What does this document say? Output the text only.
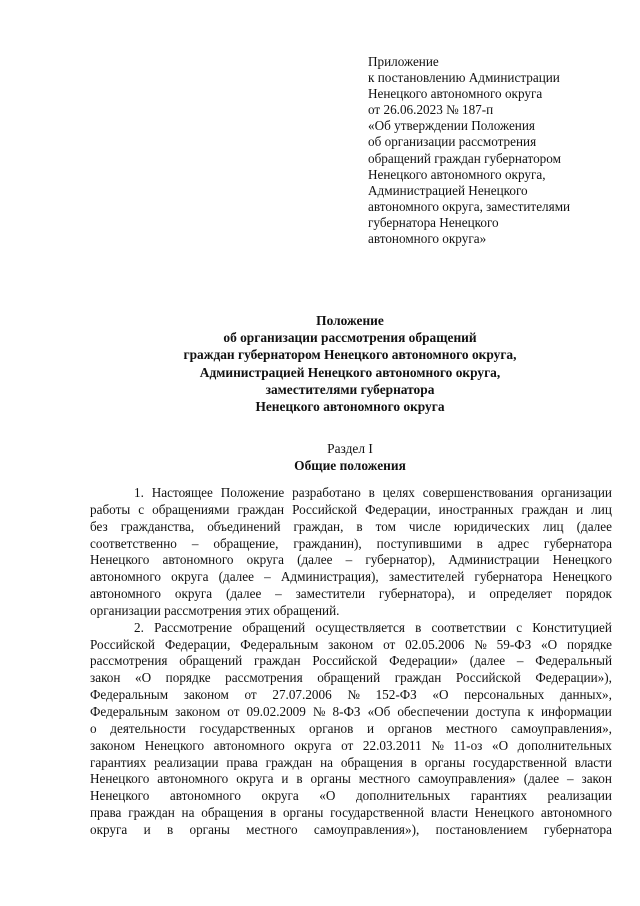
Приложение
к постановлению Администрации
Ненецкого автономного округа
от 26.06.2023 № 187-п
«Об утверждении Положения
об организации рассмотрения
обращений граждан губернатором
Ненецкого автономного округа,
Администрацией Ненецкого
автономного округа, заместителями
губернатора Ненецкого
автономного округа»
Положение
об организации рассмотрения обращений
граждан губернатором Ненецкого автономного округа,
Администрацией Ненецкого автономного округа,
заместителями губернатора
Ненецкого автономного округа
Раздел I
Общие положения
1. Настоящее Положение разработано в целях совершенствования организации
работы с обращениями граждан Российской Федерации, иностранных граждан и лиц
без гражданства, объединений граждан, в том числе юридических лиц (далее
соответственно – обращение, гражданин), поступившими в адрес губернатора
Ненецкого автономного округа (далее – губернатор), Администрации Ненецкого
автономного округа (далее – Администрация), заместителей губернатора Ненецкого
автономного округа (далее – заместители губернатора), и определяет порядок
организации рассмотрения этих обращений.
2. Рассмотрение обращений осуществляется в соответствии с Конституцией
Российской Федерации, Федеральным законом от 02.05.2006 № 59-ФЗ «О порядке
рассмотрения обращений граждан Российской Федерации» (далее – Федеральный
закон «О порядке рассмотрения обращений граждан Российской Федерации»),
Федеральным законом от 27.07.2006 № 152-ФЗ «О персональных данных»,
Федеральным законом от 09.02.2009 № 8-ФЗ «Об обеспечении доступа к информации
о деятельности государственных органов и органов местного самоуправления»,
законом Ненецкого автономного округа от 22.03.2011 № 11-оз «О дополнительных
гарантиях реализации права граждан на обращения в органы государственной власти
Ненецкого автономного округа и в органы местного самоуправления» (далее – закон
Ненецкого автономного округа «О дополнительных гарантиях реализации
права граждан на обращения в органы государственной власти Ненецкого автономного
округа и в органы местного самоуправления»), постановлением губернатора
